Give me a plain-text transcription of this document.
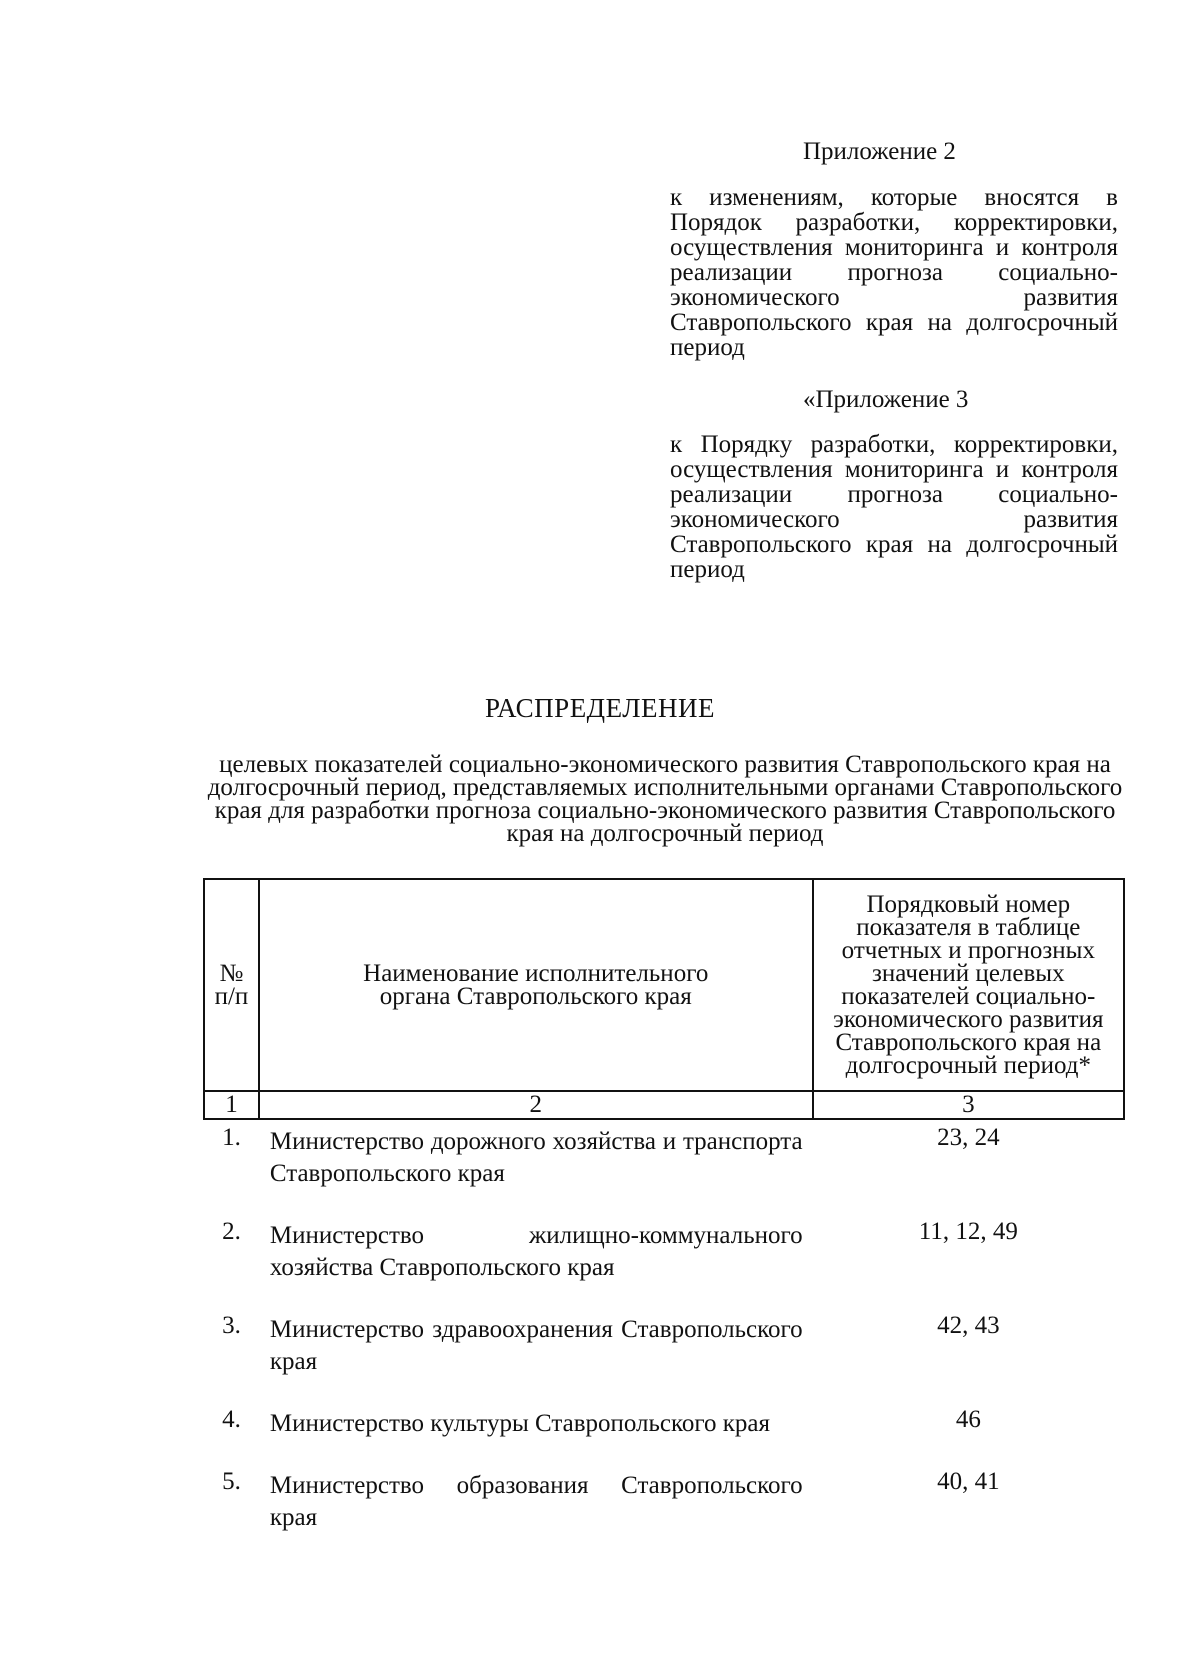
Приложение 2
к изменениям, которые вносятся в Порядок разработки, корректировки, осуществления мониторинга и контроля реализации прогноза социально-экономического развития Ставропольского края на долгосрочный период
«Приложение 3
к Порядку разработки, корректировки, осуществления мониторинга и контроля реализации прогноза социально-экономического развития Ставропольского края на долгосрочный период
РАСПРЕДЕЛЕНИЕ
целевых показателей социально-экономического развития Ставропольского края на долгосрочный период, представляемых исполнительными органами Ставропольского края для разработки прогноза социально-экономического развития Ставропольского края на долгосрочный период
№ п/п	Наименование исполнительного органа Ставропольского края	Порядковый номер показателя в таблице отчетных и прогнозных значений целевых показателей социально-экономического развития Ставропольского края на долгосрочный период*
1	2	3
1.	Министерство дорожного хозяйства и транспорта Ставропольского края	23, 24
2.	Министерство жилищно-коммунального хозяйства Ставропольского края	11, 12, 49
3.	Министерство здравоохранения Ставропольского края	42, 43
4.	Министерство культуры Ставропольского края	46
5.	Министерство образования Ставропольского края	40, 41
